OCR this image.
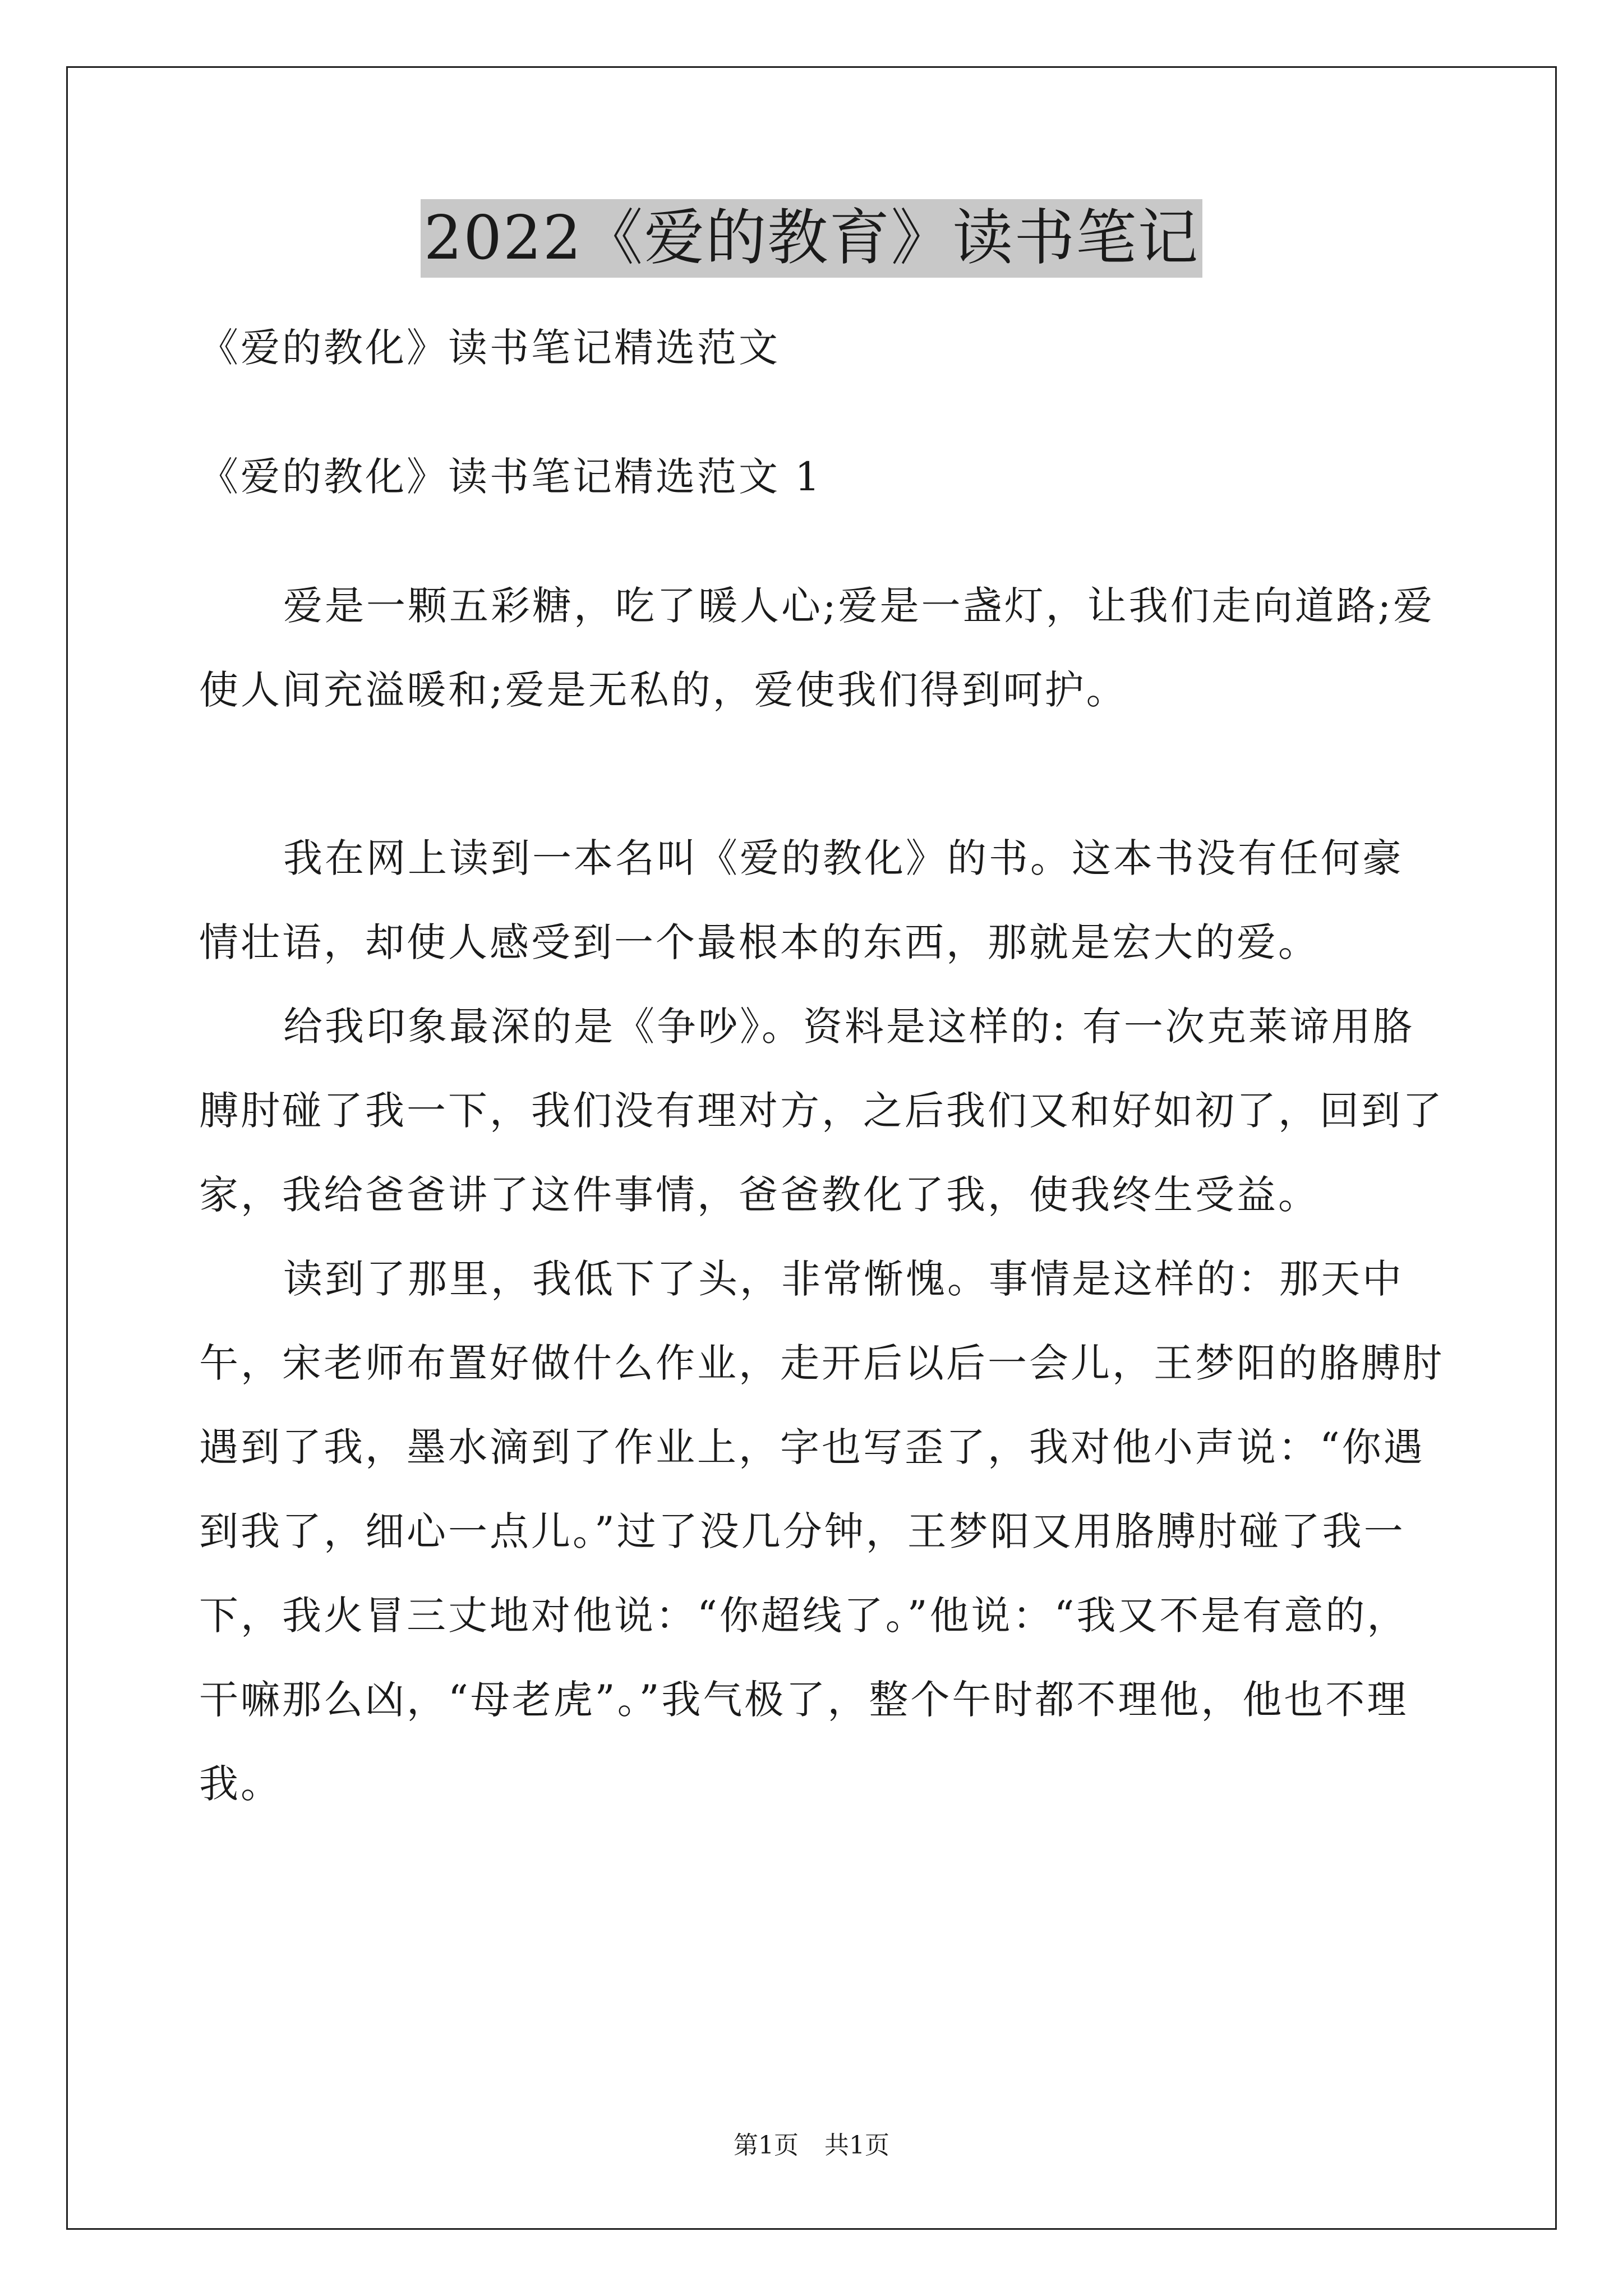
2022《爱的教育》读书笔记

《爱的教化》读书笔记精选范文

《爱的教化》读书笔记精选范文 1

爱是一颗五彩糖，吃了暖人心;爱是一盏灯，让我们走向道路;爱使人间充溢暖和;爱是无私的，爱使我们得到呵护。

我在网上读到一本名叫《爱的教化》的书。这本书没有任何豪情壮语，却使人感受到一个最根本的东西，那就是宏大的爱。

给我印象最深的是《争吵》。资料是这样的: 有一次克莱谛用胳膊肘碰了我一下，我们没有理对方，之后我们又和好如初了，回到了家，我给爸爸讲了这件事情，爸爸教化了我，使我终生受益。

读到了那里，我低下了头，非常惭愧。事情是这样的：那天中午，宋老师布置好做什么作业，走开后以后一会儿，王梦阳的胳膊肘遇到了我，墨水滴到了作业上，字也写歪了，我对他小声说：“你遇到我了，细心一点儿。”过了没几分钟，王梦阳又用胳膊肘碰了我一下，我火冒三丈地对他说：“你超线了。”他说：“我又不是有意的，干嘛那么凶，“母老虎”。”我气极了，整个午时都不理他，他也不理我。

第1页 共1页
